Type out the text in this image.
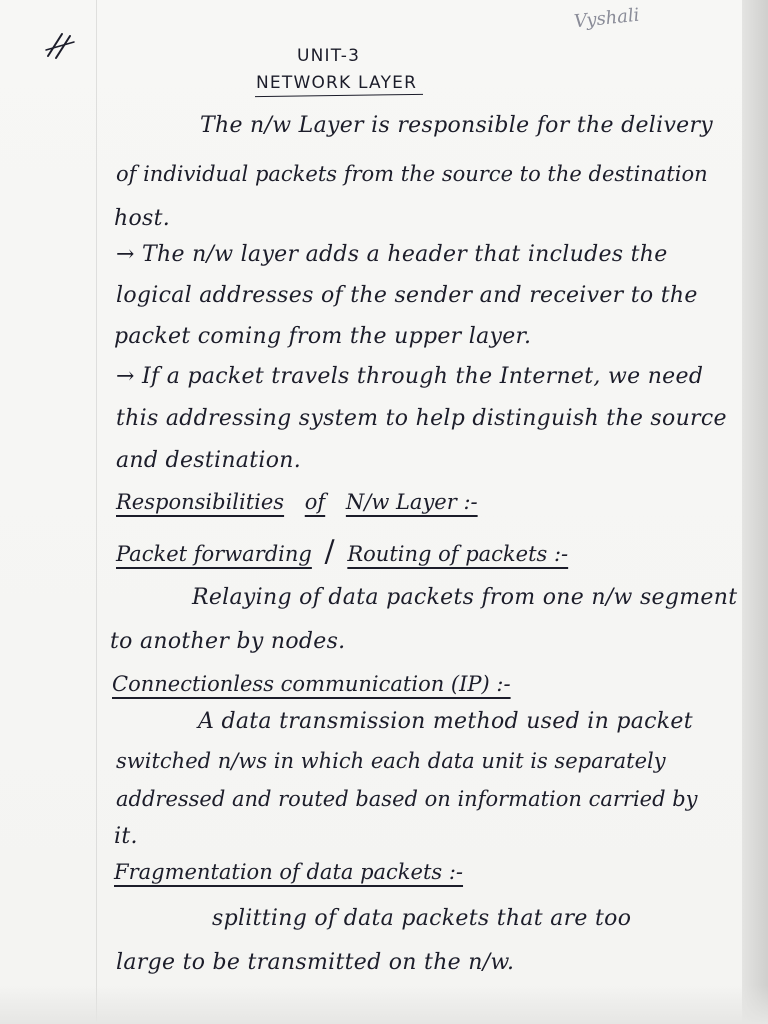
Vyshali
UNIT-3
NETWORK LAYER
The n/w Layer is responsible for the delivery
of individual packets from the source to the destination
host.
→ The n/w layer adds a header that includes the
logical addresses of the sender and receiver to the
packet coming from the upper layer.
→ If a packet travels through the Internet, we need
this addressing system to help distinguish the source
and destination.
Responsibilities of N/w Layer :-
Packet forwarding / Routing of packets :-
Relaying of data packets from one n/w segment
to another by nodes.
Connectionless communication (IP) :-
A data transmission method used in packet
switched n/ws in which each data unit is separately
addressed and routed based on information carried by
it.
Fragmentation of data packets :-
splitting of data packets that are too
large to be transmitted on the n/w.
